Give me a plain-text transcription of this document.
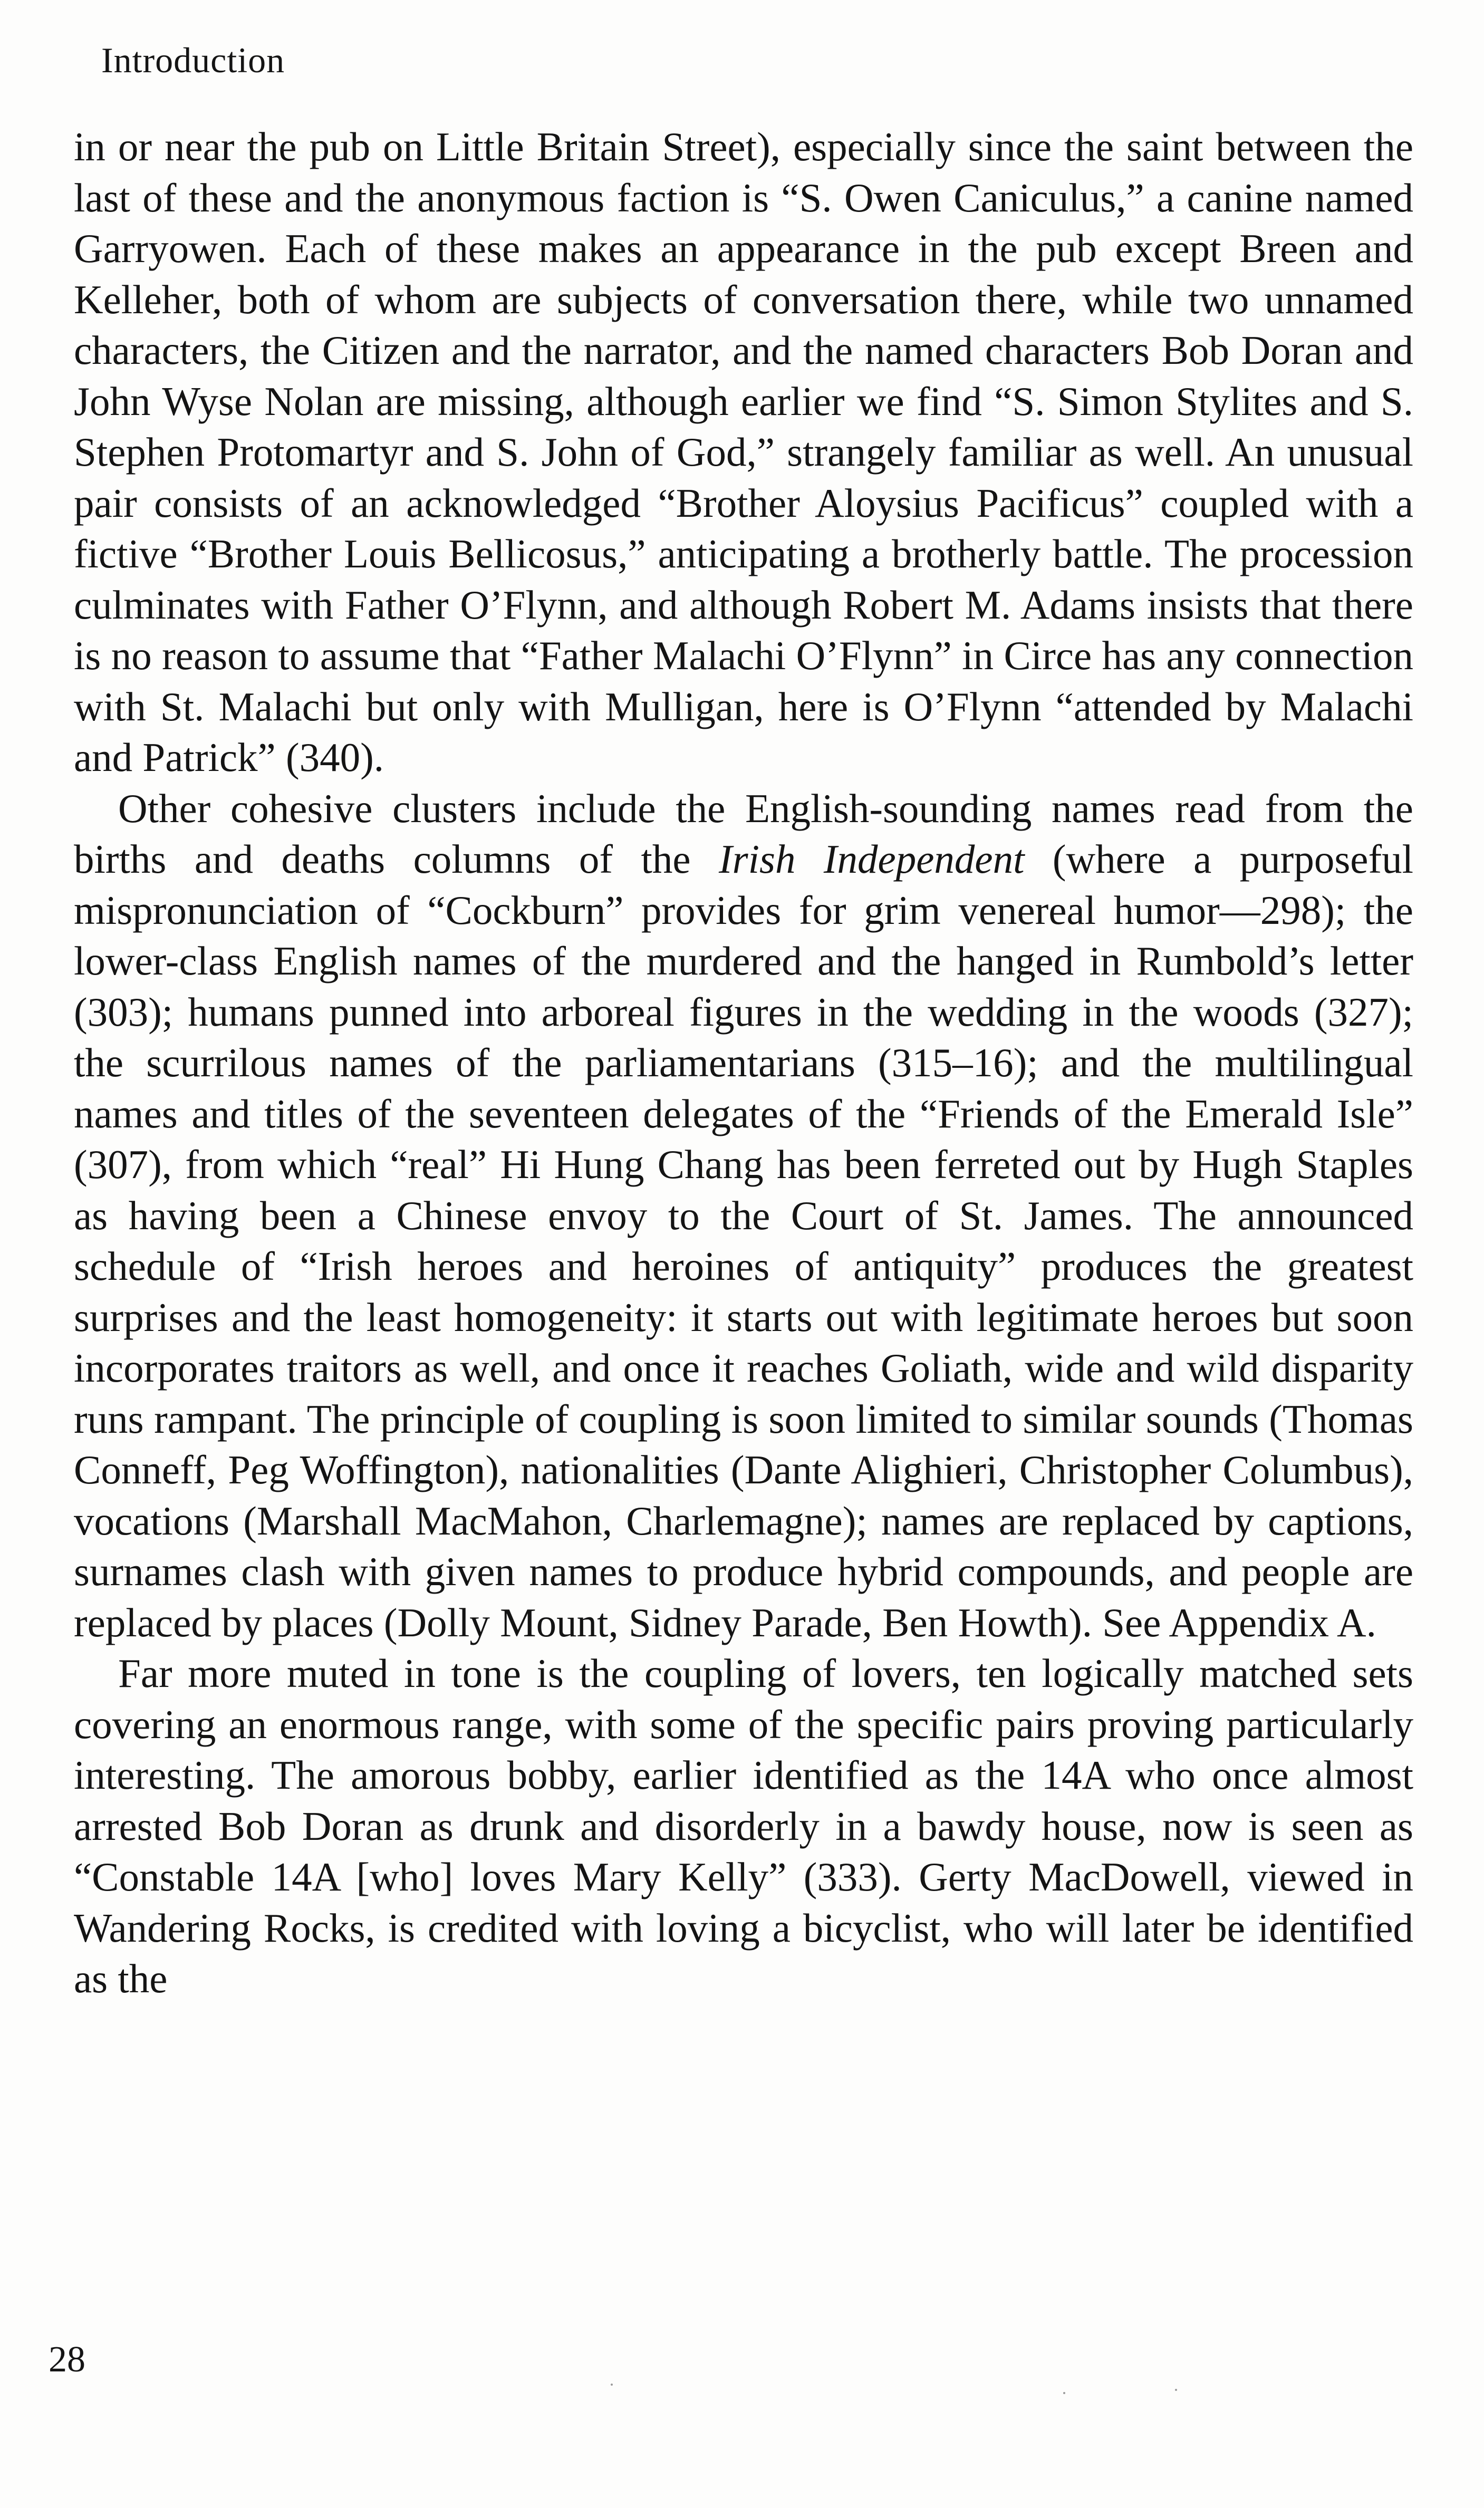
Introduction

in or near the pub on Little Britain Street), especially since the saint between the last of these and the anonymous faction is “S. Owen Caniculus,” a canine named Garryowen. Each of these makes an appearance in the pub except Breen and Kelleher, both of whom are subjects of conversation there, while two unnamed characters, the Citizen and the narrator, and the named characters Bob Doran and John Wyse Nolan are missing, although earlier we find “S. Simon Stylites and S. Stephen Protomartyr and S. John of God,” strangely familiar as well. An unusual pair consists of an acknowledged “Brother Aloysius Pacificus” coupled with a fictive “Brother Louis Bellicosus,” anticipating a brotherly battle. The procession culminates with Father O’Flynn, and although Robert M. Adams insists that there is no reason to assume that “Father Malachi O’Flynn” in Circe has any connection with St. Malachi but only with Mulligan, here is O’Flynn “attended by Malachi and Patrick” (340).

Other cohesive clusters include the English-sounding names read from the births and deaths columns of the Irish Independent (where a purposeful mispronunciation of “Cockburn” provides for grim venereal humor—298); the lower-class English names of the murdered and the hanged in Rumbold’s letter (303); humans punned into arboreal figures in the wedding in the woods (327); the scurrilous names of the parliamentarians (315–16); and the multilingual names and titles of the seventeen delegates of the “Friends of the Emerald Isle” (307), from which “real” Hi Hung Chang has been ferreted out by Hugh Staples as having been a Chinese envoy to the Court of St. James. The announced schedule of “Irish heroes and heroines of antiquity” produces the greatest surprises and the least homogeneity: it starts out with legitimate heroes but soon incorporates traitors as well, and once it reaches Goliath, wide and wild disparity runs rampant. The principle of coupling is soon limited to similar sounds (Thomas Conneff, Peg Woffington), nationalities (Dante Alighieri, Christopher Columbus), vocations (Marshall MacMahon, Charlemagne); names are replaced by captions, surnames clash with given names to produce hybrid compounds, and people are replaced by places (Dolly Mount, Sidney Parade, Ben Howth). See Appendix A.

Far more muted in tone is the coupling of lovers, ten logically matched sets covering an enormous range, with some of the specific pairs proving particularly interesting. The amorous bobby, earlier identified as the 14A who once almost arrested Bob Doran as drunk and disorderly in a bawdy house, now is seen as “Constable 14A [who] loves Mary Kelly” (333). Gerty MacDowell, viewed in Wandering Rocks, is credited with loving a bicyclist, who will later be identified as the

28
